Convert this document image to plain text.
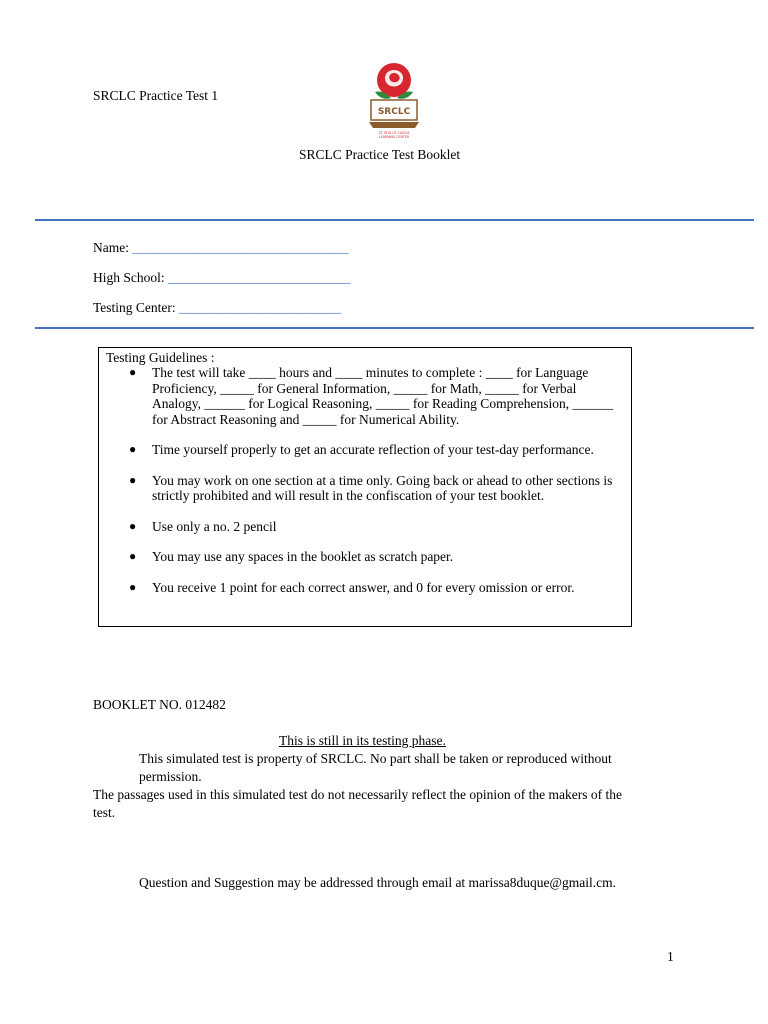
SRCLC Practice Test 1
SRCLC
ST. RITA OF CASCIA
LEARNING CENTER
SRCLC Practice Test Booklet
Name: ________________________________
High School: ___________________________
Testing Center: ________________________
Testing Guidelines :
● The test will take ____ hours and ____ minutes to complete : ____ for Language Proficiency, _____ for General Information, _____ for Math, _____ for Verbal Analogy, ______ for Logical Reasoning, _____ for Reading Comprehension, ______ for Abstract Reasoning and _____ for Numerical Ability.
● Time yourself properly to get an accurate reflection of your test-day performance.
● You may work on one section at a time only. Going back or ahead to other sections is strictly prohibited and will result in the confiscation of your test booklet.
● Use only a no. 2 pencil
● You may use any spaces in the booklet as scratch paper.
● You receive 1 point for each correct answer, and 0 for every omission or error.
BOOKLET NO. 012482
This is still in its testing phase.
This simulated test is property of SRCLC. No part shall be taken or reproduced without
permission.
The passages used in this simulated test do not necessarily reflect the opinion of the makers of the
test.
Question and Suggestion may be addressed through email at marissa8duque@gmail.cm.
1
